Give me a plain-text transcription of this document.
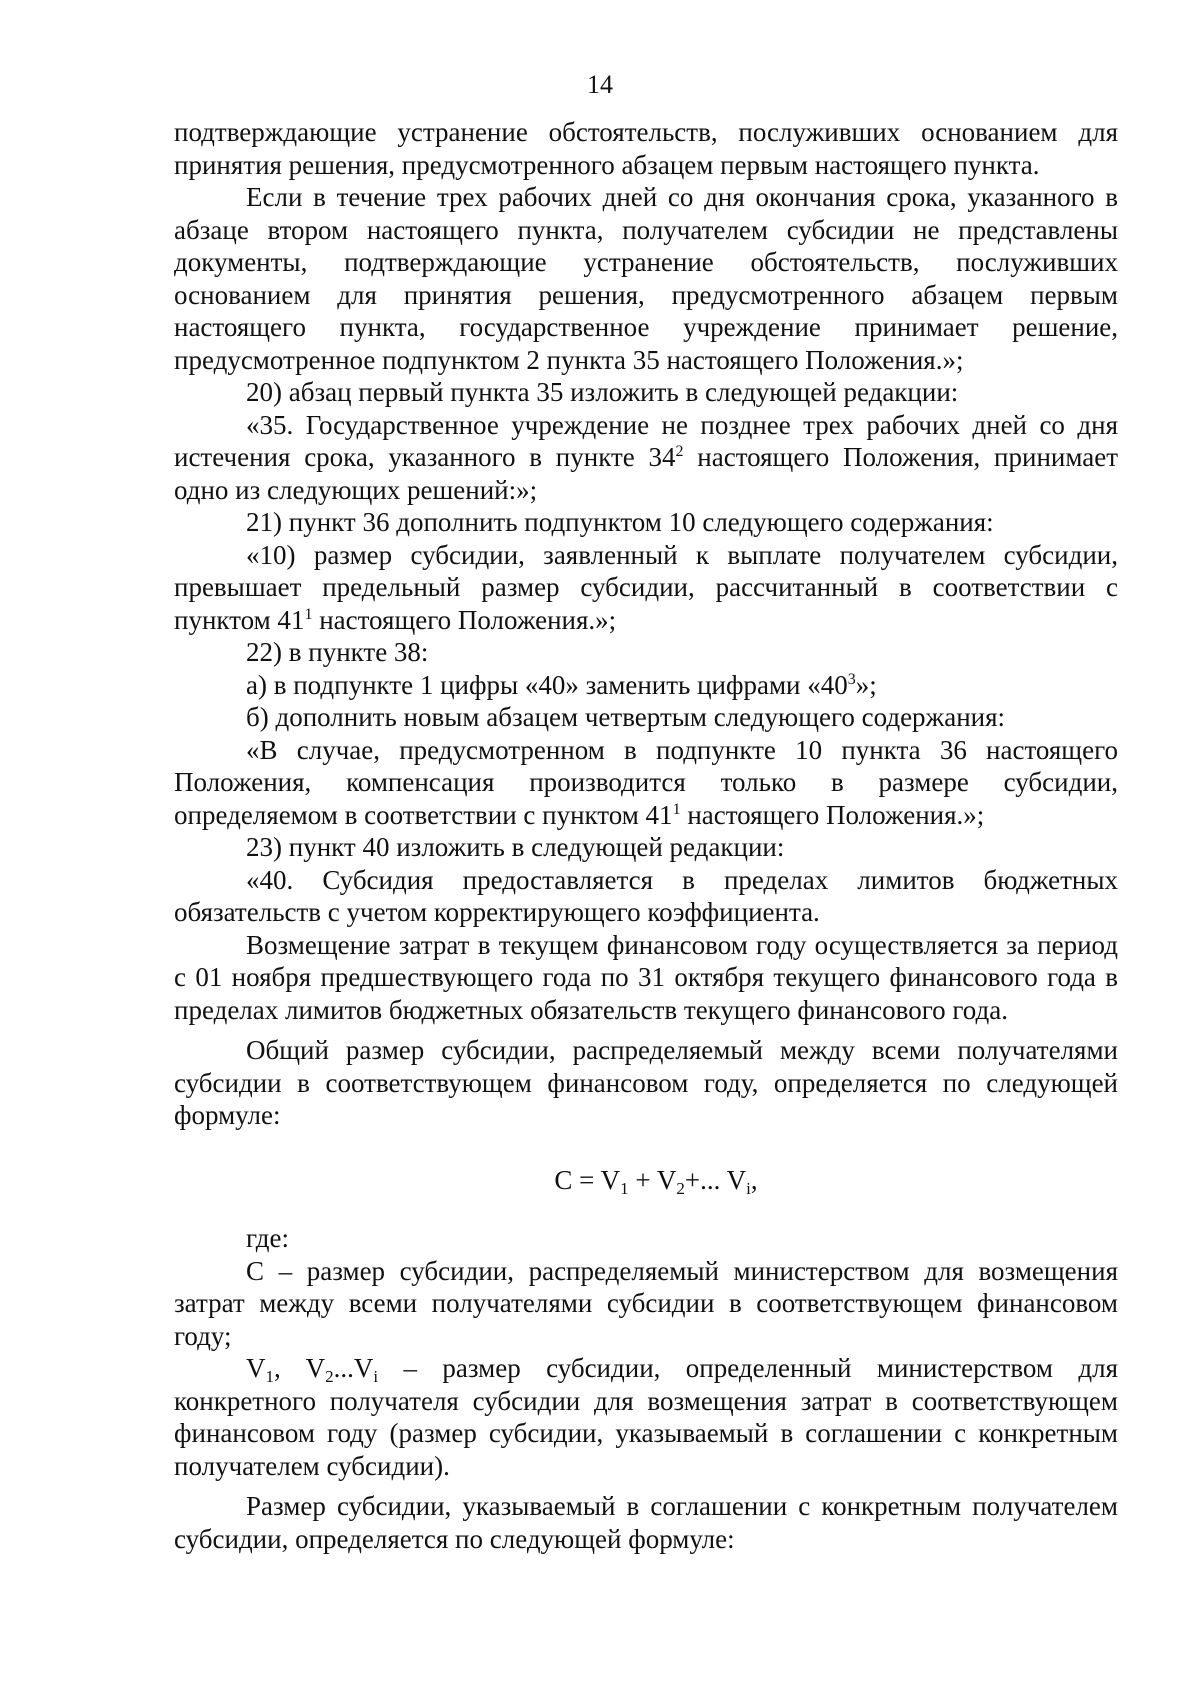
14

подтверждающие устранение обстоятельств, послуживших основанием для принятия решения, предусмотренного абзацем первым настоящего пункта.

Если в течение трех рабочих дней со дня окончания срока, указанного в абзаце втором настоящего пункта, получателем субсидии не представлены документы, подтверждающие устранение обстоятельств, послуживших основанием для принятия решения, предусмотренного абзацем первым настоящего пункта, государственное учреждение принимает решение, предусмотренное подпунктом 2 пункта 35 настоящего Положения.»;

20) абзац первый пункта 35 изложить в следующей редакции:

«35. Государственное учреждение не позднее трех рабочих дней со дня истечения срока, указанного в пункте $34^2$ настоящего Положения, принимает одно из следующих решений:»;

21) пункт 36 дополнить подпунктом 10 следующего содержания:

«10) размер субсидии, заявленный к выплате получателем субсидии, превышает предельный размер субсидии, рассчитанный в соответствии с пунктом $41^1$ настоящего Положения.»;

22) в пункте 38:

а) в подпункте 1 цифры «40» заменить цифрами «$40^3$»;

б) дополнить новым абзацем четвертым следующего содержания:

«В случае, предусмотренном в подпункте 10 пункта 36 настоящего Положения, компенсация производится только в размере субсидии, определяемом в соответствии с пунктом $41^1$ настоящего Положения.»;

23) пункт 40 изложить в следующей редакции:

«40. Субсидия предоставляется в пределах лимитов бюджетных обязательств с учетом корректирующего коэффициента.

Возмещение затрат в текущем финансовом году осуществляется за период с 01 ноября предшествующего года по 31 октября текущего финансового года в пределах лимитов бюджетных обязательств текущего финансового года.

Общий размер субсидии, распределяемый между всеми получателями субсидии в соответствующем финансовом году, определяется по следующей формуле:

$C = V_1 + V_2+$... $V_i$,

где:

C – размер субсидии, распределяемый министерством для возмещения затрат между всеми получателями субсидии в соответствующем финансовом году;

$V_1$, $V_2...V_i$ – размер субсидии, определенный министерством для конкретного получателя субсидии для возмещения затрат в соответствующем финансовом году (размер субсидии, указываемый в соглашении с конкретным получателем субсидии).

Размер субсидии, указываемый в соглашении с конкретным получателем субсидии, определяется по следующей формуле:
